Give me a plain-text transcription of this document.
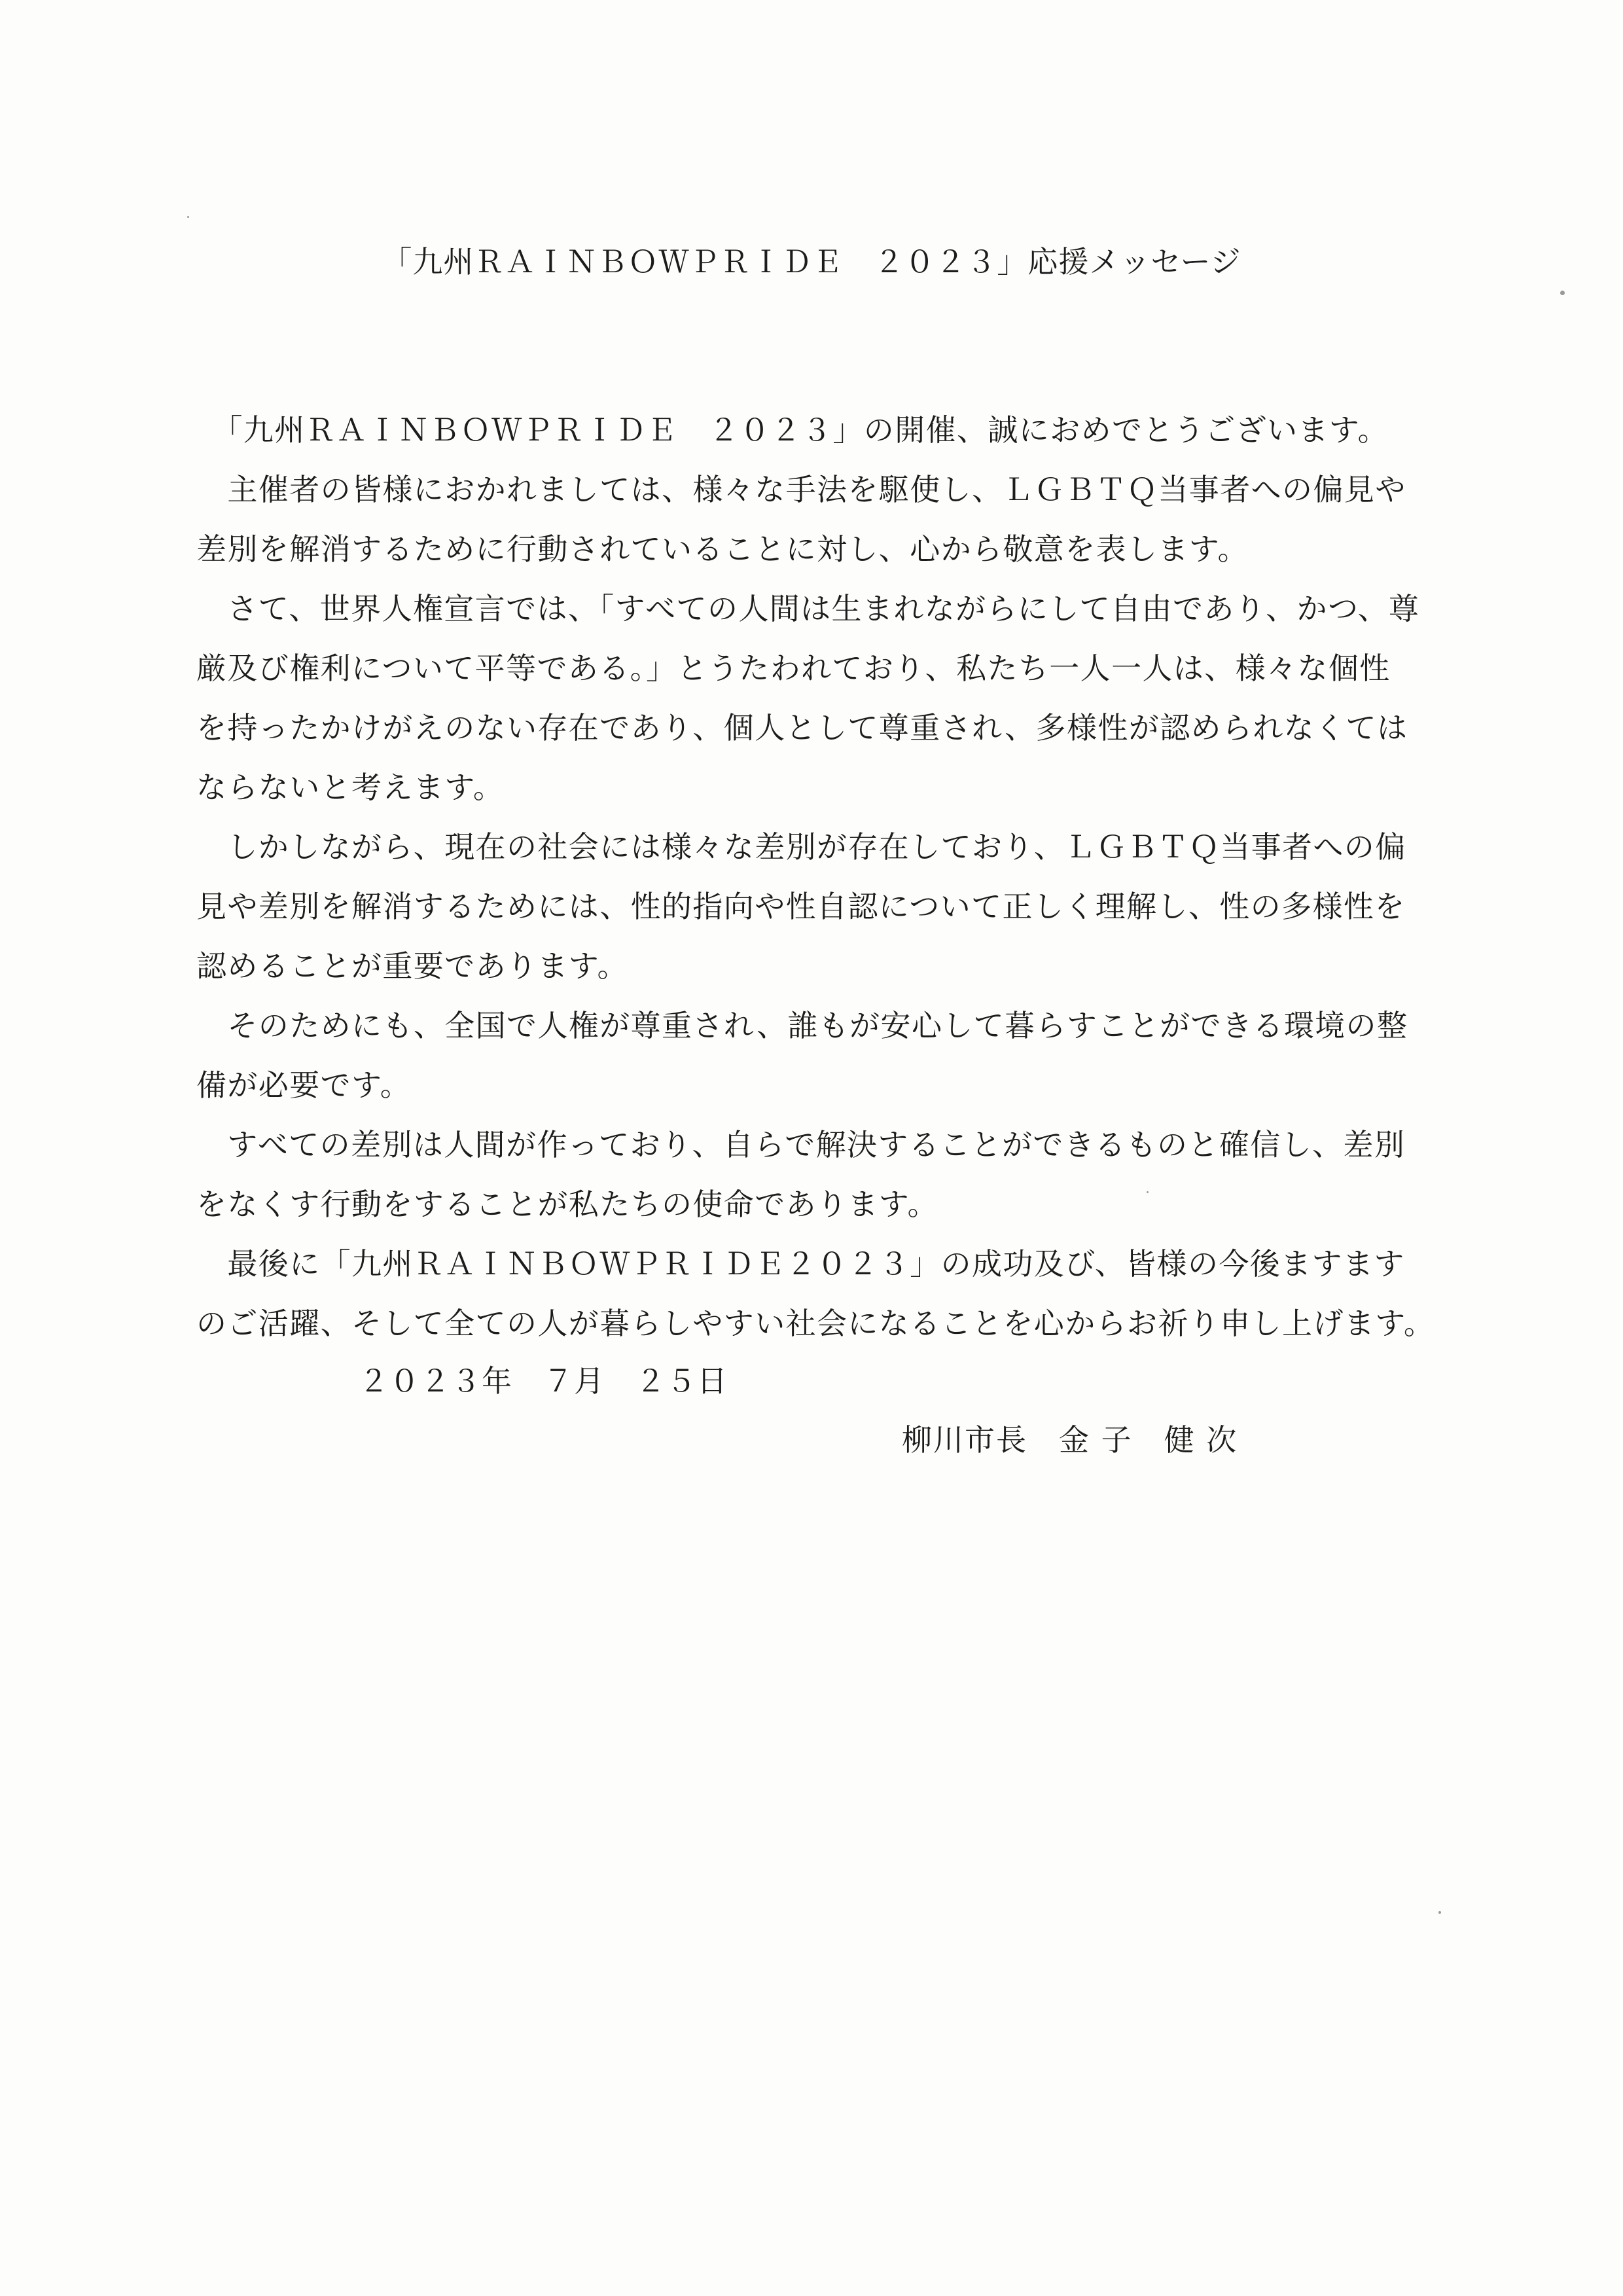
「九州ＲＡＩＮＢＯＷＰＲＩＤＥ　２０２３」応援メッセージ

　「九州ＲＡＩＮＢＯＷＰＲＩＤＥ　２０２３」の開催、誠におめでとうございます。

　主催者の皆様におかれましては、様々な手法を駆使し、ＬＧＢＴＱ当事者への偏見や
差別を解消するために行動されていることに対し、心から敬意を表します。

　さて、世界人権宣言では、「すべての人間は生まれながらにして自由であり、かつ、尊
厳及び権利について平等である。」とうたわれており、私たち一人一人は、様々な個性
を持ったかけがえのない存在であり、個人として尊重され、多様性が認められなくては
ならないと考えます。

　しかしながら、現在の社会には様々な差別が存在しており、ＬＧＢＴＱ当事者への偏
見や差別を解消するためには、性的指向や性自認について正しく理解し、性の多様性を
認めることが重要であります。

　そのためにも、全国で人権が尊重され、誰もが安心して暮らすことができる環境の整
備が必要です。

　すべての差別は人間が作っており、自らで解決することができるものと確信し、差別
をなくす行動をすることが私たちの使命であります。

　最後に「九州ＲＡＩＮＢＯＷＰＲＩＤＥ２０２３」の成功及び、皆様の今後ますます
のご活躍、そして全ての人が暮らしやすい社会になることを心からお祈り申し上げます。

２０２３年　７月　２５日
柳川市長　金 子　健 次
